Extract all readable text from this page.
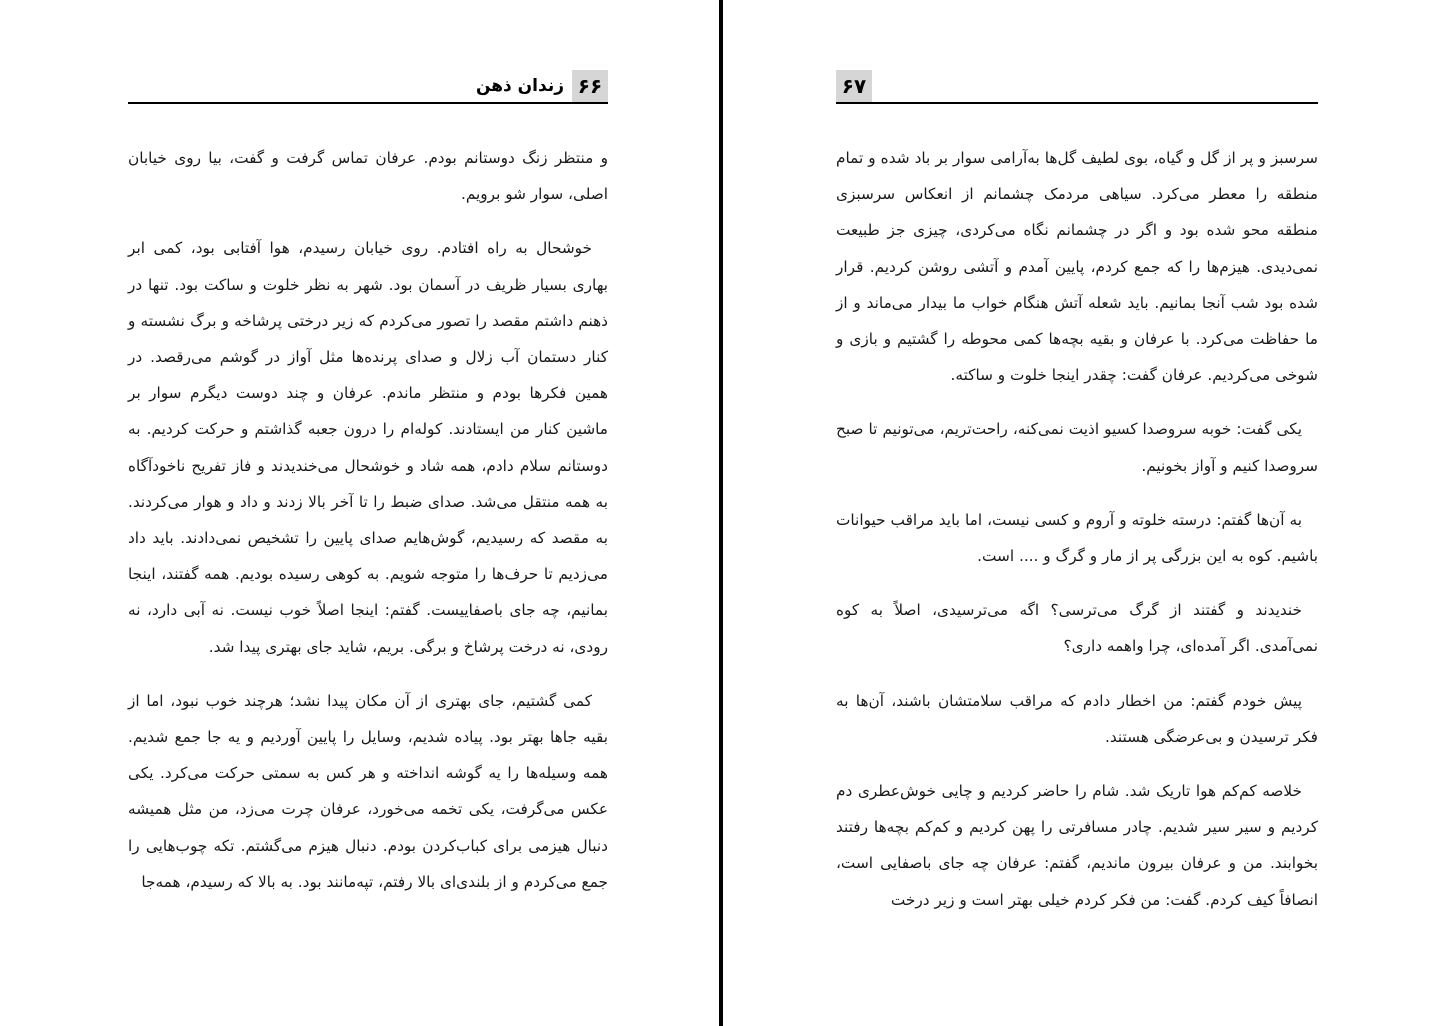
زندان ذهن ۶۶

و منتظر زنگ دوستانم بودم. عرفان تماس گرفت و گفت، بیا روی خیابان اصلی، سوار شو برویم.

خوشحال به راه افتادم. روی خیابان رسیدم، هوا آفتابی بود، کمی ابر بهاری بسیار ظریف در آسمان بود. شهر به نظر خلوت و ساکت بود. تنها در ذهنم داشتم مقصد را تصور می‌کردم که زیر درختی پرشاخه و برگ نشسته و کنار دستمان آب زلال و صدای پرنده‌ها مثل آواز در گوشم می‌رقصد. در همین فکرها بودم و منتظر ماندم. عرفان و چند دوست دیگرم سوار بر ماشین کنار من ایستادند. کوله‌ام را درون جعبه گذاشتم و حرکت کردیم. به دوستانم سلام دادم، همه شاد و خوشحال می‌خندیدند و فاز تفریح ناخودآگاه به همه منتقل می‌شد. صدای ضبط را تا آخر بالا زدند و داد و هوار می‌کردند. به مقصد که رسیدیم، گوش‌هایم صدای پایین را تشخیص نمی‌دادند. باید داد می‌زدیم تا حرف‌ها را متوجه شویم. به کوهی رسیده بودیم. همه گفتند، اینجا بمانیم، چه جای باصفاییست. گفتم: اینجا اصلاً خوب نیست. نه آبی دارد، نه رودی، نه درخت پرشاخ و برگی. بریم، شاید جای بهتری پیدا شد.

کمی گشتیم، جای بهتری از آن مکان پیدا نشد؛ هرچند خوب نبود، اما از بقیه جاها بهتر بود. پیاده شدیم، وسایل را پایین آوردیم و یه جا جمع شدیم. همه وسیله‌ها را یه گوشه انداخته و هر کس به سمتی حرکت می‌کرد. یکی عکس می‌گرفت، یکی تخمه می‌خورد، عرفان چرت می‌زد، من مثل همیشه دنبال هیزمی برای کباب‌کردن بودم. دنبال هیزم می‌گشتم. تکه چوب‌هایی را جمع می‌کردم و از بلندی‌ای بالا رفتم، تپه‌مانند بود. به بالا که رسیدم، همه‌جا

۶۷

سرسبز و پر از گل و گیاه، بوی لطیف گل‌ها به‌آرامی سوار بر باد شده و تمام منطقه را معطر می‌کرد. سیاهی مردمک چشمانم از انعکاس سرسبزی منطقه محو شده بود و اگر در چشمانم نگاه می‌کردی، چیزی جز طبیعت نمی‌دیدی. هیزم‌ها را که جمع کردم، پایین آمدم و آتشی روشن کردیم. قرار شده بود شب آنجا بمانیم. باید شعله آتش هنگام خواب ما بیدار می‌ماند و از ما حفاظت می‌کرد. با عرفان و بقیه بچه‌ها کمی محوطه را گشتیم و بازی و شوخی می‌کردیم. عرفان گفت: چقدر اینجا خلوت و ساکته.

یکی گفت: خوبه سروصدا کسیو اذیت نمی‌کنه، راحت‌تریم، می‌تونیم تا صبح سروصدا کنیم و آواز بخونیم.

به آن‌ها گفتم: درسته خلوته و آروم و کسی نیست، اما باید مراقب حیوانات باشیم. کوه به این بزرگی پر از مار و گرگ و .... است.

خندیدند و گفتند از گرگ می‌ترسی؟ اگه می‌ترسیدی، اصلاً به کوه نمی‌آمدی. اگر آمده‌ای، چرا واهمه داری؟

پیش خودم گفتم: من اخطار دادم که مراقب سلامتشان باشند، آن‌ها به فکر ترسیدن و بی‌عرضگی هستند.

خلاصه کم‌کم هوا تاریک شد. شام را حاضر کردیم و چایی خوش‌عطری دم کردیم و سیر سیر شدیم. چادر مسافرتی را پهن کردیم و کم‌کم بچه‌ها رفتند بخوابند. من و عرفان بیرون ماندیم، گفتم: عرفان چه جای باصفایی است، انصافاً کیف کردم. گفت: من فکر کردم خیلی بهتر است و زیر درخت
